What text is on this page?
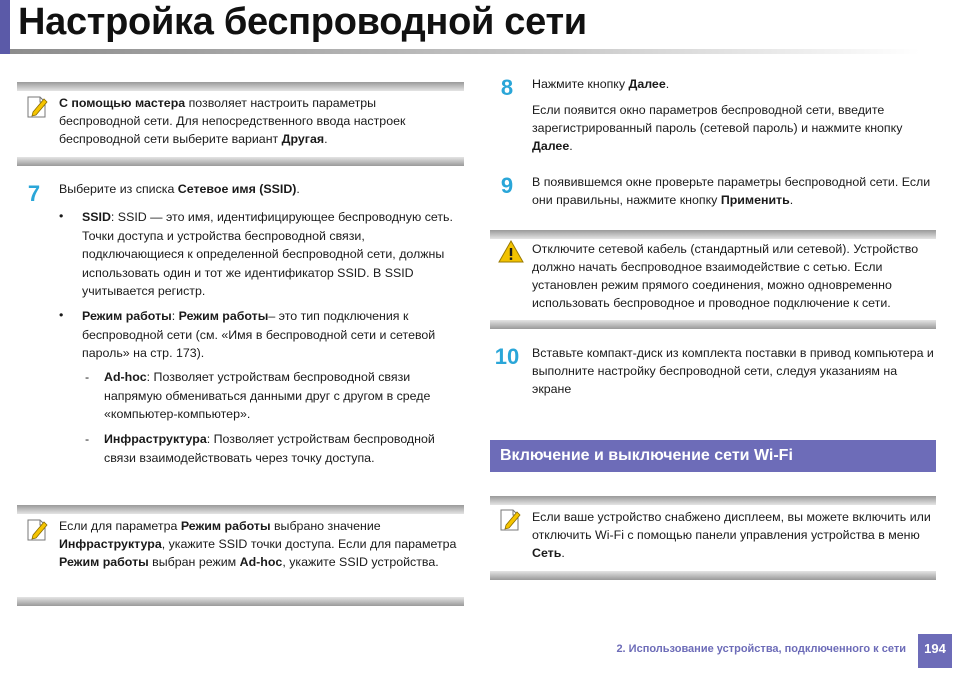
Настройка беспроводной сети
С помощью мастера позволяет настроить параметры беспроводной сети. Для непосредственного ввода настроек беспроводной сети выберите вариант Другая.
7	Выберите из списка Сетевое имя (SSID).
• SSID: SSID — это имя, идентифицирующее беспроводную сеть. Точки доступа и устройства беспроводной связи, подключающиеся к определенной беспроводной сети, должны использовать один и тот же идентификатор SSID. В SSID учитывается регистр.
• Режим работы: Режим работы– это тип подключения к беспроводной сети (см. «Имя в беспроводной сети и сетевой пароль» на стр. 173).
- Ad-hoc: Позволяет устройствам беспроводной связи напрямую обмениваться данными друг с другом в среде «компьютер-компьютер».
- Инфраструктура: Позволяет устройствам беспроводной связи взаимодействовать через точку доступа.
Если для параметра Режим работы выбрано значение Инфраструктура, укажите SSID точки доступа. Если для параметра Режим работы выбран режим Ad-hoc, укажите SSID устройства.
8	Нажмите кнопку Далее.
Если появится окно параметров беспроводной сети, введите зарегистрированный пароль (сетевой пароль) и нажмите кнопку Далее.
9	В появившемся окне проверьте параметры беспроводной сети. Если они правильны, нажмите кнопку Применить.
Отключите сетевой кабель (стандартный или сетевой). Устройство должно начать беспроводное взаимодействие с сетью. Если установлен режим прямого соединения, можно одновременно использовать беспроводное и проводное подключение к сети.
10	Вставьте компакт-диск из комплекта поставки в привод компьютера и выполните настройку беспроводной сети, следуя указаниям на экране
Включение и выключение сети Wi-Fi
Если ваше устройство снабжено дисплеем, вы можете включить или отключить Wi-Fi с помощью панели управления устройства в меню Сеть.
2. Использование устройства, подключенного к сети	194
